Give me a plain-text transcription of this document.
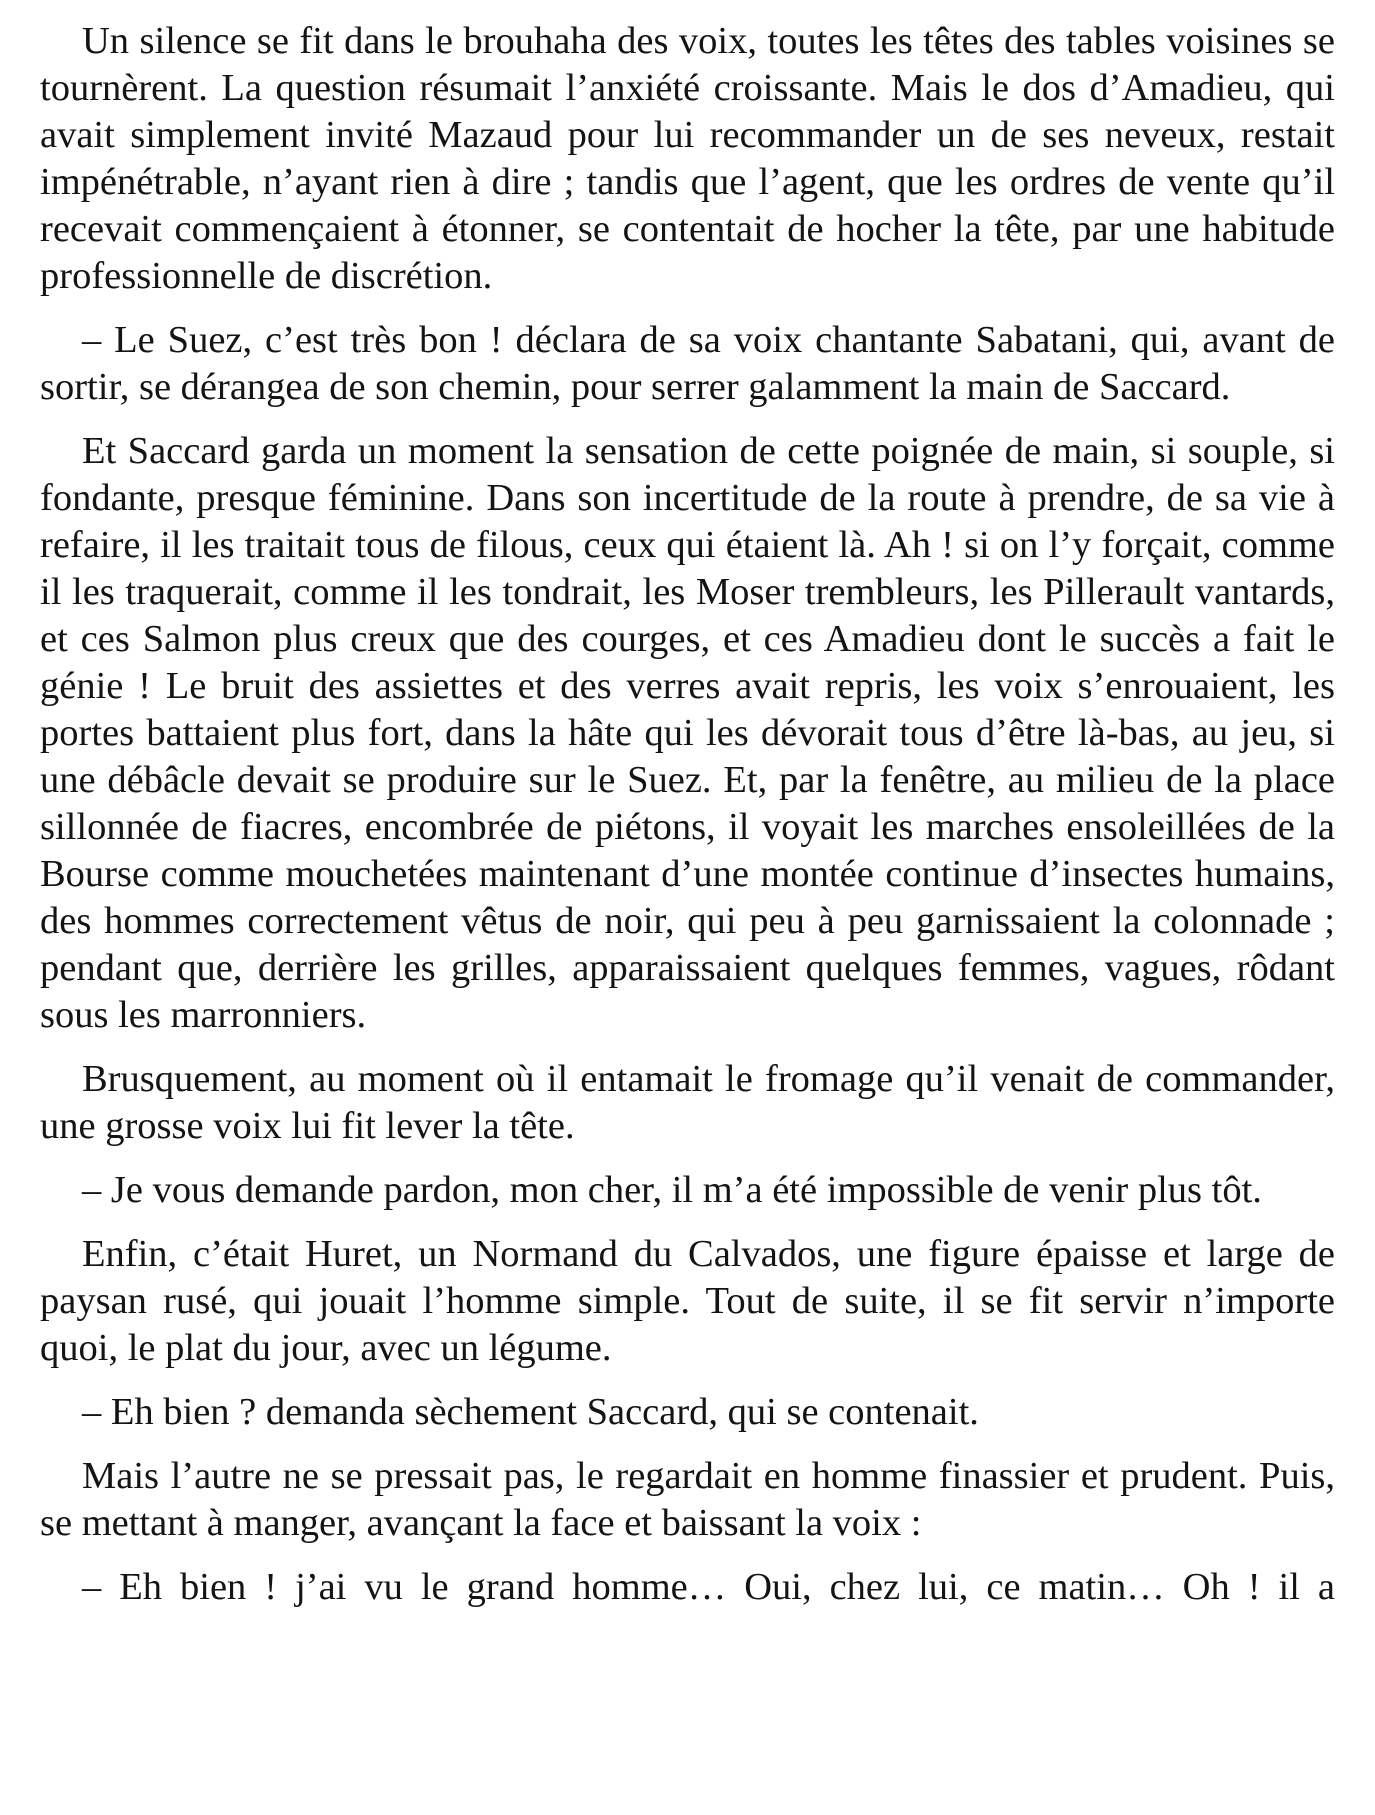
Un silence se fit dans le brouhaha des voix, toutes les têtes des tables voisines se tournèrent. La question résumait l’anxiété croissante. Mais le dos d’Amadieu, qui avait simplement invité Mazaud pour lui recommander un de ses neveux, restait impénétrable, n’ayant rien à dire ; tandis que l’agent, que les ordres de vente qu’il recevait commençaient à étonner, se contentait de hocher la tête, par une habitude professionnelle de discrétion.

– Le Suez, c’est très bon ! déclara de sa voix chantante Sabatani, qui, avant de sortir, se dérangea de son chemin, pour serrer galamment la main de Saccard.

Et Saccard garda un moment la sensation de cette poignée de main, si souple, si fondante, presque féminine. Dans son incertitude de la route à prendre, de sa vie à refaire, il les traitait tous de filous, ceux qui étaient là. Ah ! si on l’y forçait, comme il les traquerait, comme il les tondrait, les Moser trembleurs, les Pillerault vantards, et ces Salmon plus creux que des courges, et ces Amadieu dont le succès a fait le génie ! Le bruit des assiettes et des verres avait repris, les voix s’enrouaient, les portes battaient plus fort, dans la hâte qui les dévorait tous d’être là-bas, au jeu, si une débâcle devait se produire sur le Suez. Et, par la fenêtre, au milieu de la place sillonnée de fiacres, encombrée de piétons, il voyait les marches ensoleillées de la Bourse comme mouchetées maintenant d’une montée continue d’insectes humains, des hommes correctement vêtus de noir, qui peu à peu garnissaient la colonnade ; pendant que, derrière les grilles, apparaissaient quelques femmes, vagues, rôdant sous les marronniers.

Brusquement, au moment où il entamait le fromage qu’il venait de commander, une grosse voix lui fit lever la tête.

– Je vous demande pardon, mon cher, il m’a été impossible de venir plus tôt.

Enfin, c’était Huret, un Normand du Calvados, une figure épaisse et large de paysan rusé, qui jouait l’homme simple. Tout de suite, il se fit servir n’importe quoi, le plat du jour, avec un légume.

– Eh bien ? demanda sèchement Saccard, qui se contenait.

Mais l’autre ne se pressait pas, le regardait en homme finassier et prudent. Puis, se mettant à manger, avançant la face et baissant la voix :

– Eh bien ! j’ai vu le grand homme… Oui, chez lui, ce matin… Oh ! il a
